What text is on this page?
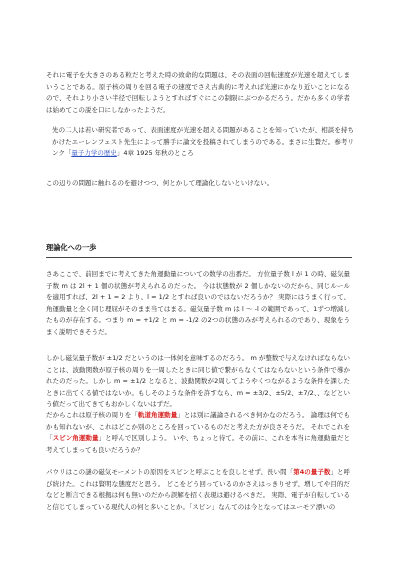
それに電子を大きさのある粒だと考えた時の致命的な問題は、その表面の回転速度が光速を超えてしまいうことである。原子核の周りを回る電子の速度でさえ古典的に考えれば光速にかなり近いことになるので、それより小さい半径で回転しようとすればすぐにこの制限にぶつかるだろう。だから多くの学者は始めてこの説を口にしなかったようだ。

先の二人は若い研究者であって、表面速度が光速を超える問題があることを知っていたが、相談を持ちかけたエーレンフェスト先生によって勝手に論文を投稿されてしまうのである。まさに生贄だ。参考リンク「量子力学の歴史」4章 1925 年秋のところ

この辺りの問題に触れるのを避けつつ、何とかして理論化しないといけない。

理論化への一歩

さあここで、前回までに考えてきた角運動量についての数学の出番だ。 方位量子数 l が 1 の時、磁気量子数 m は 2l + 1 個の状態が考えられるのだった。 今は状態数が 2 個しかないのだから、同じルールを適用すれば、2l + 1 = 2 より、l = 1/2 とすれば良いのではないだろうか？ 実際にはうまく行って、角運動量と全く同じ理屈がそのまま当てはまる。磁気量子数 m は l 〜 -l の範囲であって、1ずつ増減したものが存在する。つまり m = +1/2 と m = -1/2 の2つの状態のみが考えられるのであり、現象をうまく説明できそうだ。

しかし磁気量子数が ±1/2 だというのは一体何を意味するのだろう。 m が整数で与えなければならないことは、波動関数が原子核の周りを一周したときに同じ値で繋がらなくてはならないという条件で導かれたのだった。しかし m = ±1/2 となると、波動関数が2周してようやくつながるような条件を課したときに出てくる値ではないか。もしそのような条件を許すなら、m = ±3/2、±5/2、±7/2、、などという値だって出てきてもおかしくないはずだ。

だからこれは原子核の周りを「軌道角運動量」とは別に議論されるべき何かなのだろう。 論理は何でもかも知れないが、これはどこか別のところを回っているものだと考えた方が良さそうだ。 それでこれを「スピン角運動量」と呼んで区別しよう。 いや、ちょっと待て。その前に、これを本当に角運動量だと考えてしまっても良いだろうか？

パウリはこの謎の磁気モーメントの原因をスピンと呼ぶことを良しとせず、長い間「第4の量子数」と呼び続けた。これは賢明な態度だと思う。 どこをどう回っているのかさえはっきりせず、増してや目的だなどと断言できる根拠は何も無いのだから誤解を招く表現は避けるべきだ。 実際、電子が自転していると信じてしまっている現代人の何と多いことか。「スピン」なんてのは今となってはユーモア漂いの
